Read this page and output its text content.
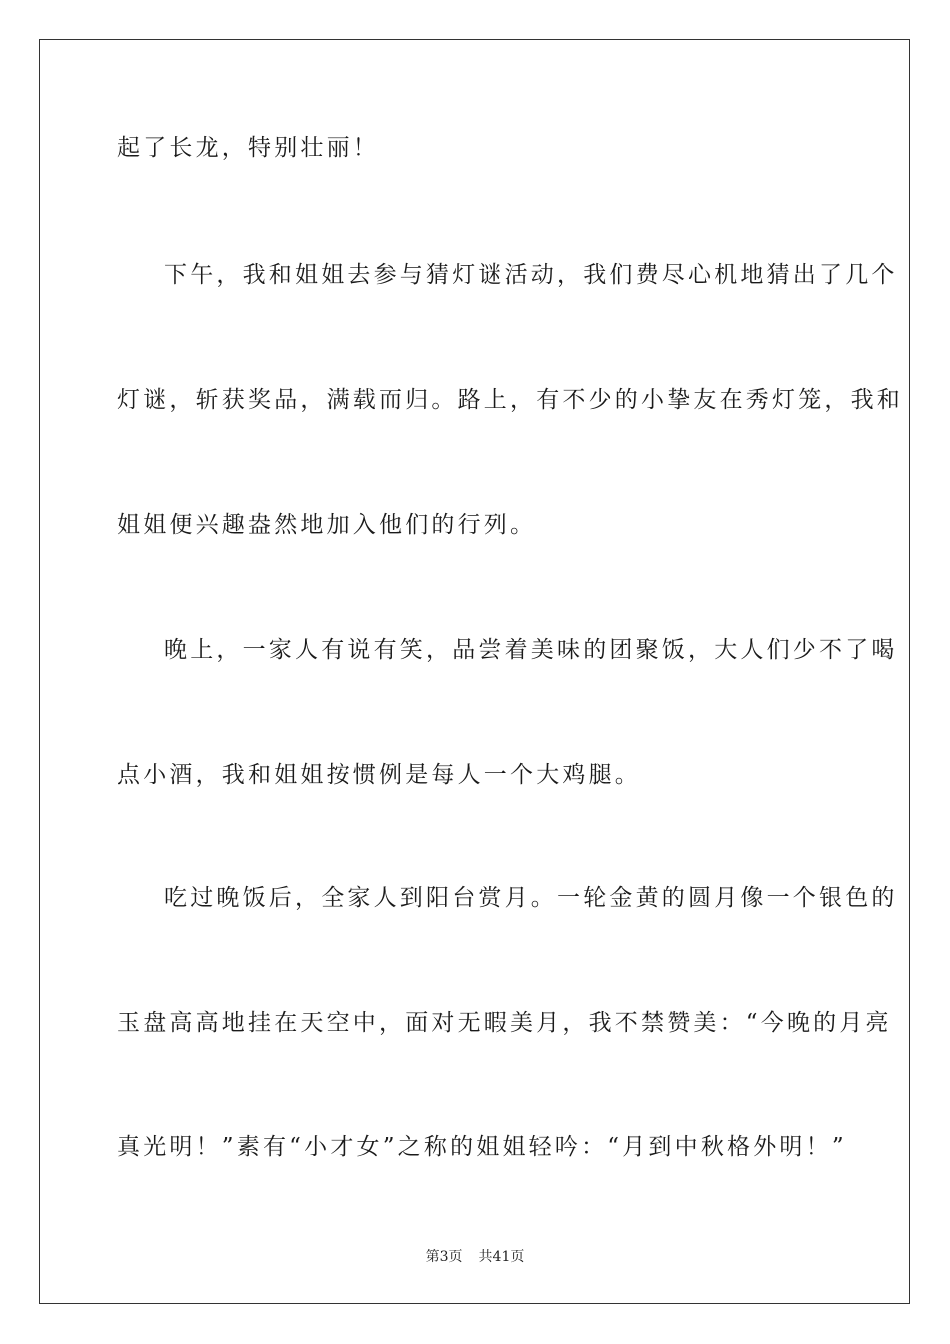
起了长龙，特别壮丽！
下午，我和姐姐去参与猜灯谜活动，我们费尽心机地猜出了几个
灯谜，斩获奖品，满载而归。路上，有不少的小挚友在秀灯笼，我和
姐姐便兴趣盎然地加入他们的行列。
晚上，一家人有说有笑，品尝着美味的团聚饭，大人们少不了喝
点小酒，我和姐姐按惯例是每人一个大鸡腿。
吃过晚饭后，全家人到阳台赏月。一轮金黄的圆月像一个银色的
玉盘高高地挂在天空中，面对无暇美月，我不禁赞美：“今晚的月亮
真光明！”素有“小才女”之称的姐姐轻吟：“月到中秋格外明！”
第3页 共41页
